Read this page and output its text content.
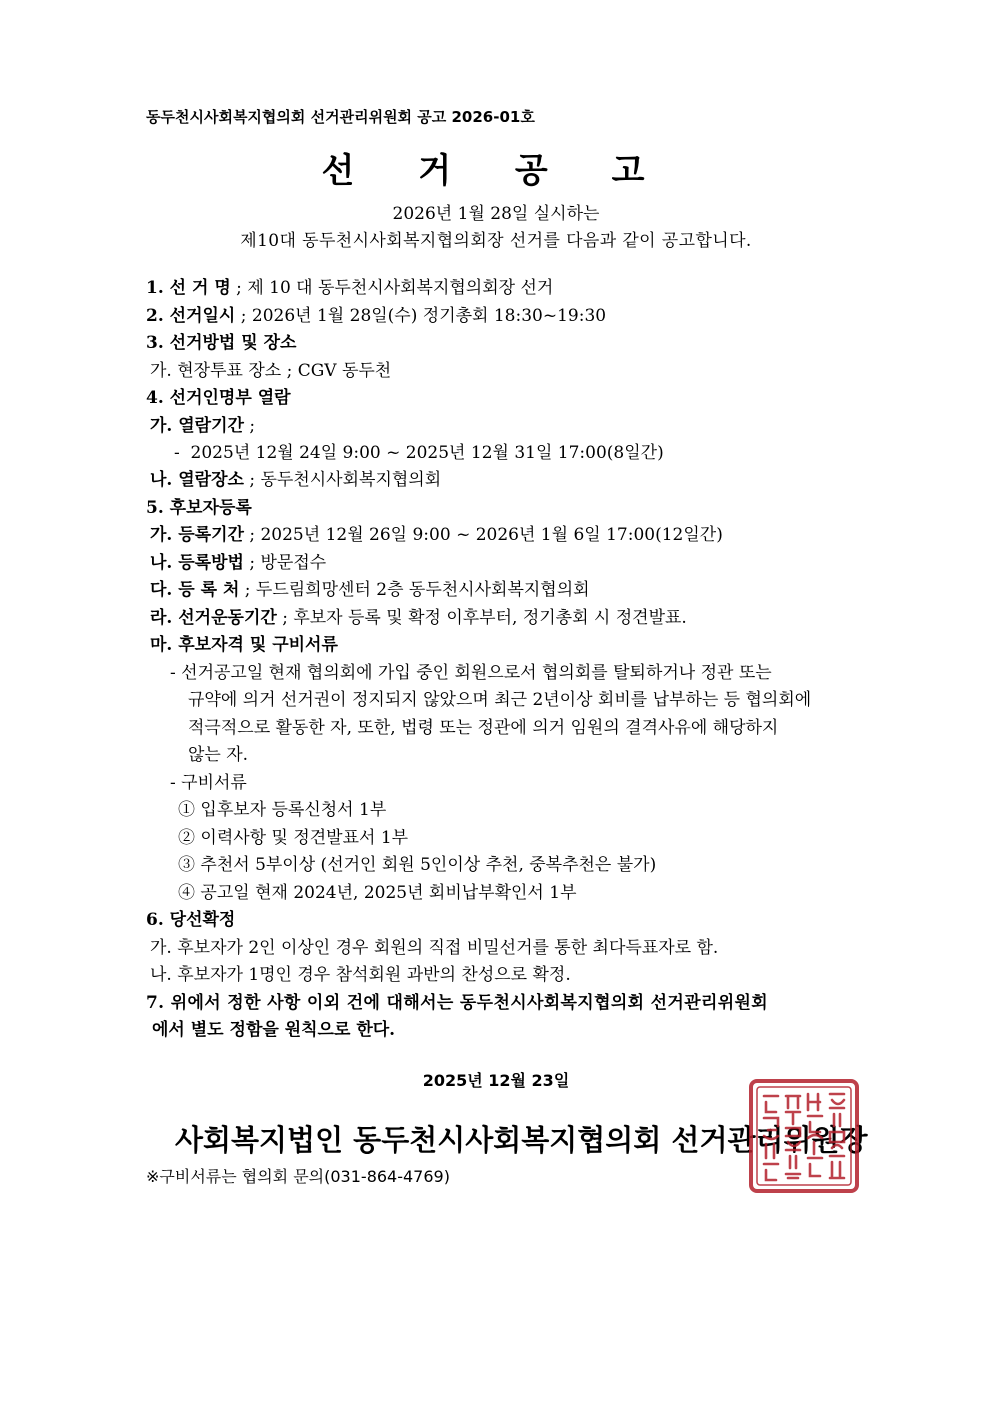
동두천시사회복지협의회 선거관리위원회 공고 2026-01호
선 거 공 고
2026년 1월 28일 실시하는
제10대 동두천시사회복지협의회장 선거를 다음과 같이 공고합니다.
1. 선 거 명 ; 제 10 대 동두천시사회복지협의회장 선거
2. 선거일시 ; 2026년 1월 28일(수) 정기총회 18:30~19:30
3. 선거방법 및 장소
가. 현장투표 장소 ; CGV 동두천
4. 선거인명부 열람
가. 열람기간 ;
-  2025년 12월 24일 9:00 ~ 2025년 12월 31일 17:00(8일간)
나. 열람장소 ; 동두천시사회복지협의회
5. 후보자등록
가. 등록기간 ; 2025년 12월 26일 9:00 ~ 2026년 1월 6일 17:00(12일간)
나. 등록방법 ; 방문접수
다. 등 록 처 ; 두드림희망센터 2층 동두천시사회복지협의회
라. 선거운동기간 ; 후보자 등록 및 확정 이후부터, 정기총회 시 정견발표.
마. 후보자격 및 구비서류
- 선거공고일 현재 협의회에 가입 중인 회원으로서 협의회를 탈퇴하거나 정관 또는
규약에 의거 선거권이 정지되지 않았으며 최근 2년이상 회비를 납부하는 등 협의회에
적극적으로 활동한 자, 또한, 법령 또는 정관에 의거 임원의 결격사유에 해당하지
않는 자.
- 구비서류
① 입후보자 등록신청서 1부
② 이력사항 및 정견발표서 1부
③ 추천서 5부이상 (선거인 회원 5인이상 추천, 중복추천은 불가)
④ 공고일 현재 2024년, 2025년 회비납부확인서 1부
6. 당선확정
가. 후보자가 2인 이상인 경우 회원의 직접 비밀선거를 통한 최다득표자로 함.
나. 후보자가 1명인 경우 참석회원 과반의 찬성으로 확정.
7. 위에서 정한 사항 이외 건에 대해서는 동두천시사회복지협의회 선거관리위원회
에서 별도 정함을 원칙으로 한다.
2025년 12월 23일
사회복지법인 동두천시사회복지협의회 선거관리위원장
※구비서류는 협의회 문의(031-864-4769)
